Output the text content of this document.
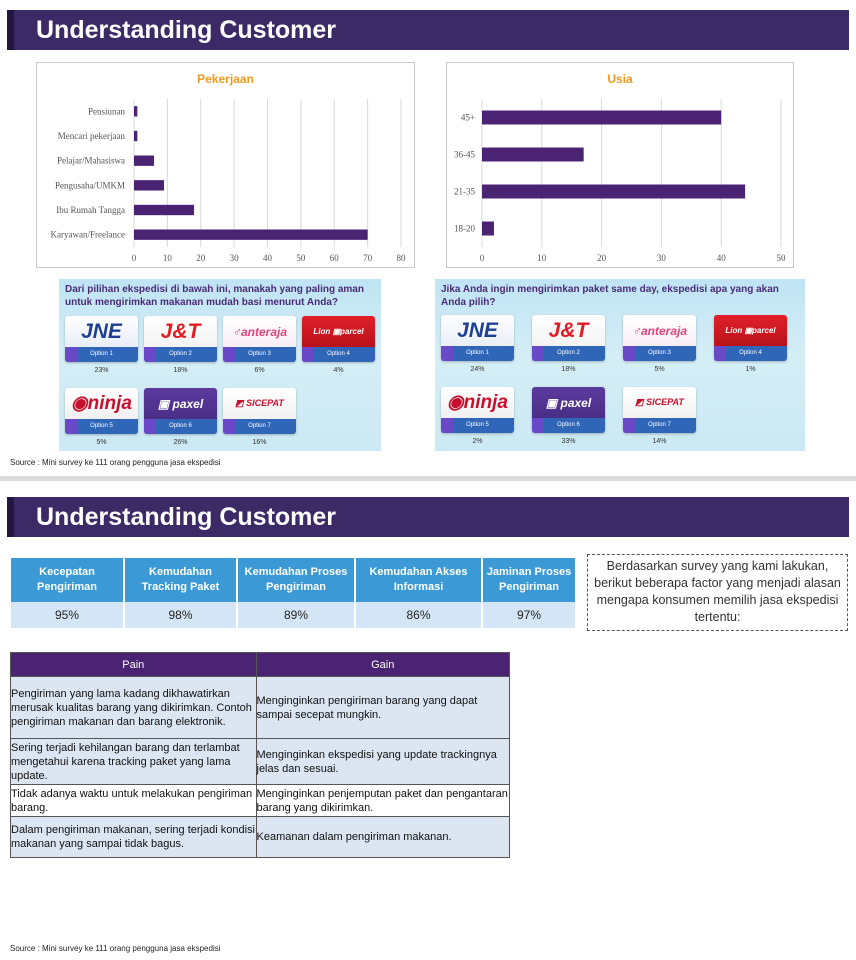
Understanding Customer
Pekerjaan
0	10	20	30	40	50	60	70	80
Pensiunan
Mencari pekerjaan
Pelajar/Mahasiswa
Pengusaha/UMKM
Ibu Rumah Tangga
Karyawan/Freelance
Usia
0	10	20	30	40	50
45+
36-45
21-35
18-20
Dari pilihan ekspedisi di bawah ini, manakah yang paling aman untuk mengirimkan makanan mudah basi menurut Anda?
JNE
Option 1
23%
J&T
Option 2
18%
♂anteraja
Option 3
6%
Lion ▣parcel
Option 4
4%
◉ninja
Option 5
5%
▣ paxel
Option 6
26%
◩ SICEPAT
Option 7
16%
Jika Anda ingin mengirimkan paket same day, ekspedisi apa yang akan Anda pilih?
JNE
Option 1
24%
J&T
Option 2
18%
♂anteraja
Option 3
5%
Lion ▣parcel
Option 4
1%
◉ninja
Option 5
2%
▣ paxel
Option 6
33%
◩ SICEPAT
Option 7
14%
Source : Mini survey ke 111 orang pengguna jasa ekspedisi
Understanding Customer
Kecepatan Pengiriman	Kemudahan Tracking Paket	Kemudahan Proses Pengiriman	Kemudahan Akses Informasi	Jaminan Proses Pengiriman
95%	98%	89%	86%	97%
Berdasarkan survey yang kami lakukan, berikut beberapa factor yang menjadi alasan mengapa konsumen memilih jasa ekspedisi tertentu:
Pain	Gain
Pengiriman yang lama kadang dikhawatirkan merusak kualitas barang yang dikirimkan. Contoh pengiriman makanan dan barang elektronik.	Menginginkan pengiriman barang yang dapat sampai secepat mungkin.
Sering terjadi kehilangan barang dan terlambat mengetahui karena tracking paket yang lama update.	Menginginkan ekspedisi yang update trackingnya jelas dan sesuai.
Tidak adanya waktu untuk melakukan pengiriman barang.	Menginginkan penjemputan paket dan pengantaran barang yang dikirimkan.
Dalam pengiriman makanan, sering terjadi kondisi makanan yang sampai tidak bagus.	Keamanan dalam pengiriman makanan.
Source : Mini survey ke 111 orang pengguna jasa ekspedisi
